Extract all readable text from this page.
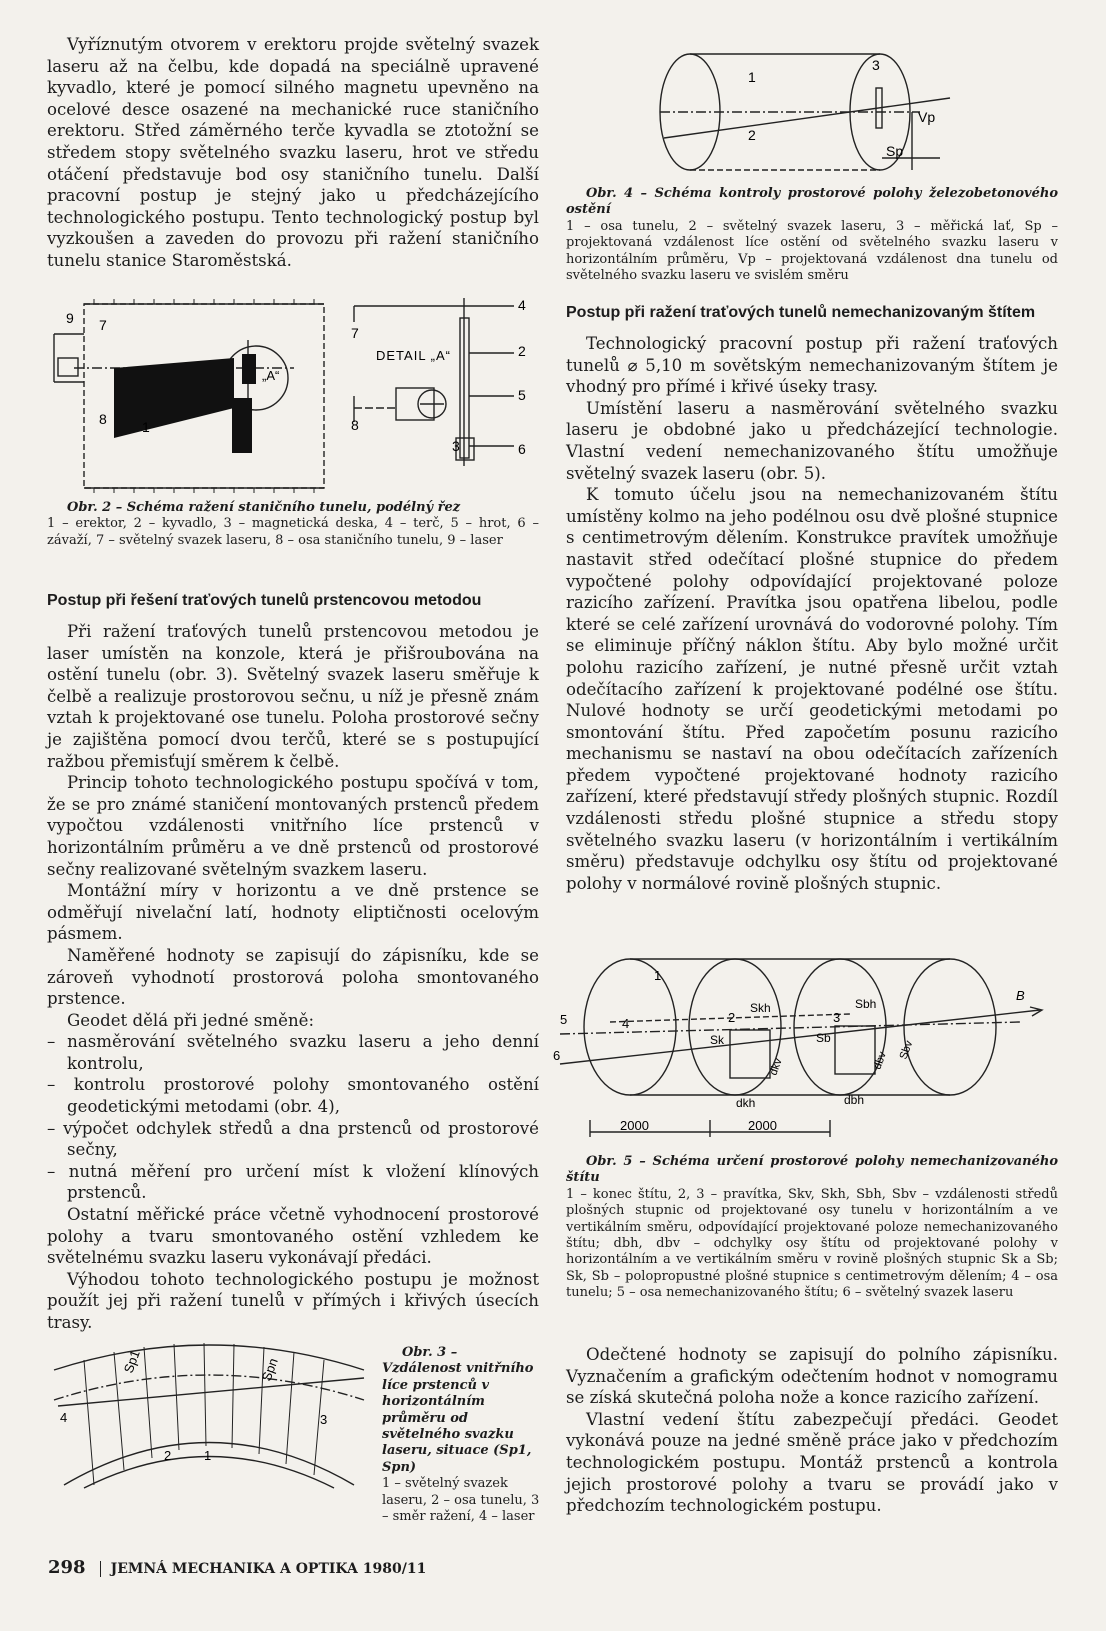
Vyříznutým otvorem v erektoru projde světelný svazek laseru až na čelbu, kde dopadá na speciálně upravené kyvadlo, které je pomocí silného magnetu upevněno na ocelové desce osazené na mechanické ruce staničního erektoru. Střed záměrného terče kyvadla se ztotožní se středem stopy světelného svazku laseru, hrot ve středu otáčení představuje bod osy staničního tunelu. Další pracovní postup je stejný jako u předcházejícího technologického postupu. Tento technologický postup byl vyzkoušen a zaveden do provozu při ražení staničního tunelu stanice Staroměstská.

9 7
8	1
„A“
7
DETAIL „A“
8
4
2
5
3	6

Obr. 2 – Schéma ražení staničního tunelu, podélný řez
1 – erektor, 2 – kyvadlo, 3 – magnetická deska, 4 – terč, 5 – hrot, 6 – závaží, 7 – světelný svazek laseru, 8 – osa staničního tunelu, 9 – laser

Postup při řešení traťových tunelů prstencovou metodou

Při ražení traťových tunelů prstencovou metodou je laser umístěn na konzole, která je přišroubována na ostění tunelu (obr. 3). Světelný svazek laseru směřuje k čelbě a realizuje prostorovou sečnu, u níž je přesně znám vztah k projektované ose tunelu. Poloha prostorové sečny je zajištěna pomocí dvou terčů, které se s postupující ražbou přemisťují směrem k čelbě.

Princip tohoto technologického postupu spočívá v tom, že se pro známé staničení montovaných prstenců předem vypočtou vzdálenosti vnitřního líce prstenců v horizontálním průměru a ve dně prstenců od prostorové sečny realizované světelným svazkem laseru.

Montážní míry v horizontu a ve dně prstence se odměřují nivelační latí, hodnoty eliptičnosti ocelovým pásmem.

Naměřené hodnoty se zapisují do zápisníku, kde se zároveň vyhodnotí prostorová poloha smontovaného prstence.

Geodet dělá při jedné směně:

– nasměrování světelného svazku laseru a jeho denní kontrolu,
– kontrolu prostorové polohy smontovaného ostění geodetickými metodami (obr. 4),
– výpočet odchylek středů a dna prstenců od prostorové sečny,
– nutná měření pro určení míst k vložení klínových prstenců.

Ostatní měřické práce včetně vyhodnocení prostorové polohy a tvaru smontovaného ostění vzhledem ke světelnému svazku laseru vykonávají předáci.

Výhodou tohoto technologického postupu je možnost použít jej při ražení tunelů v přímých i křivých úsecích trasy.

Sp1	Spn
4	3
2	1

Obr. 3 – Vzdálenost vnitřního líce prstenců v horizontálním průměru od světelného svazku laseru, situace (Sp1, Spn)
1 – světelný svazek laseru, 2 – osa tunelu, 3 – směr ražení, 4 – laser

1
2
3
Vp
Sp

Obr. 4 – Schéma kontroly prostorové polohy železobetonového ostění
1 – osa tunelu, 2 – světelný svazek laseru, 3 – měřická lať, Sp – projektovaná vzdálenost líce ostění od světelného svazku laseru v horizontálním průměru, Vp – projektovaná vzdálenost dna tunelu od světelného svazku laseru ve svislém směru

Postup při ražení traťových tunelů nemechanizovaným štítem

Technologický pracovní postup při ražení traťových tunelů ⌀ 5,10 m sovětským nemechanizovaným štítem je vhodný pro přímé i křivé úseky trasy.

Umístění laseru a nasměrování světelného svazku laseru je obdobné jako u předcházející technologie. Vlastní vedení nemechanizovaného štítu umožňuje světelný svazek laseru (obr. 5).

K tomuto účelu jsou na nemechanizovaném štítu umístěny kolmo na jeho podélnou osu dvě plošné stupnice s centimetrovým dělením. Konstrukce pravítek umožňuje nastavit střed odečítací plošné stupnice do předem vypočtené polohy odpovídající projektované poloze razicího zařízení. Pravítka jsou opatřena libelou, podle které se celé zařízení urovnává do vodorovné polohy. Tím se eliminuje příčný náklon štítu. Aby bylo možné určit polohu razicího zařízení, je nutné přesně určit vztah odečítacího zařízení k projektované podélné ose štítu. Nulové hodnoty se určí geodetickými metodami po smontování štítu. Před započetím posunu razicího mechanismu se nastaví na obou odečítacích zařízeních předem vypočtené projektované hodnoty razicího zařízení, které představují středy plošných stupnic. Rozdíl vzdálenosti středu plošné stupnice a středu stopy světelného svazku laseru (v horizontálním i vertikálním směru) představuje odchylku osy štítu od projektované polohy v normálové rovině plošných stupnic.

1
2	3
4
5
6
B
Skh	Sbh
Sk	Sb
dkv	dbv Sbv
dkh	dbh
2000	2000

Obr. 5 – Schéma určení prostorové polohy nemechanizovaného štítu
1 – konec štítu, 2, 3 – pravítka, Skv, Skh, Sbh, Sbv – vzdálenosti středů plošných stupnic od projektované osy tunelu v horizontálním a ve vertikálním směru, odpovídající projektované poloze nemechanizovaného štítu; dbh, dbv – odchylky osy štítu od projektované polohy v horizontálním a ve vertikálním směru v rovině plošných stupnic Sk a Sb; Sk, Sb – polopropustné plošné stupnice s centimetrovým dělením; 4 – osa tunelu; 5 – osa nemechanizovaného štítu; 6 – světelný svazek laseru

Odečtené hodnoty se zapisují do polního zápisníku. Vyznačením a grafickým odečtením hodnot v nomogramu se získá skutečná poloha nože a konce razicího zařízení.

Vlastní vedení štítu zabezpečují předáci. Geodet vykonává pouze na jedné směně práce jako v předchozím technologickém postupu. Montáž prstenců a kontrola jejich prostorové polohy a tvaru se provádí jako v předchozím technologickém postupu.

298 JEMNÁ MECHANIKA A OPTIKA 1980/11
